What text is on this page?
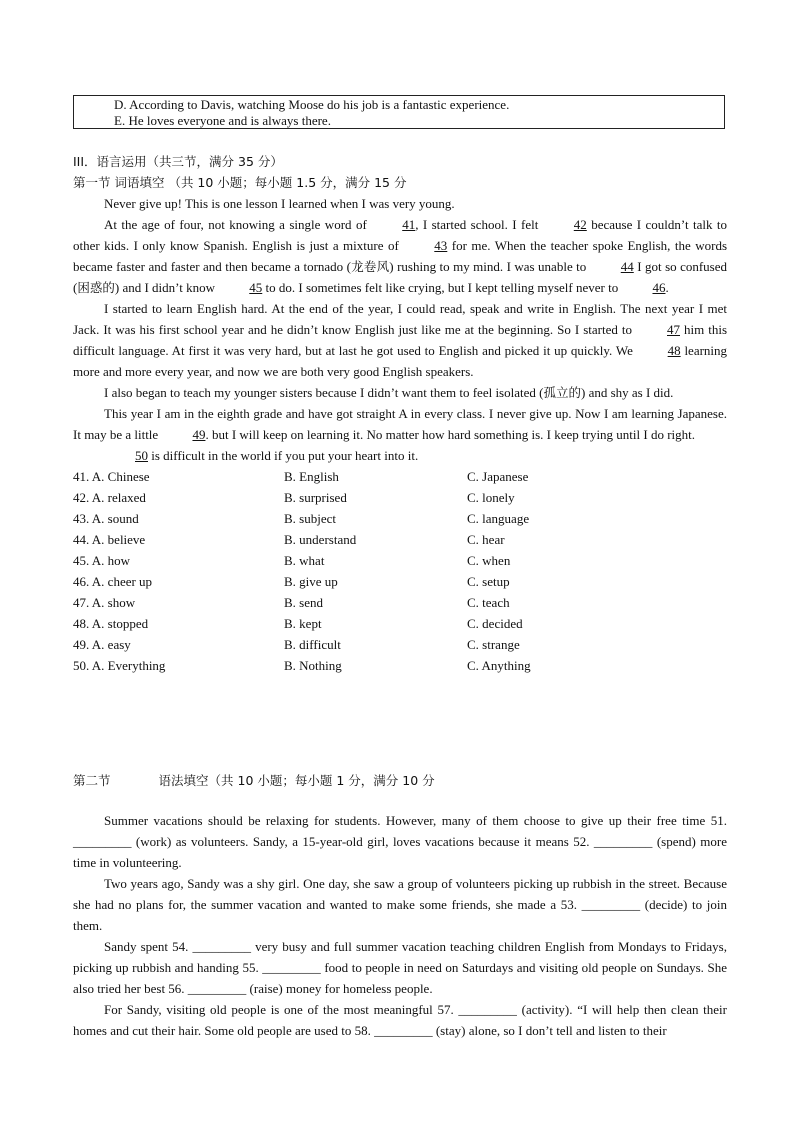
D. According to Davis, watching Moose do his job is a fantastic experience.
E. He loves everyone and is always there.
III．语言运用（共三节，满分 35 分）
第一节 词语填空 （共 10 小题；每小题 1.5 分，满分 15 分

Never give up! This is one lesson I learned when I was very young.

At the age of four, not knowing a single word of	41, I started school. I felt	42 because I couldn’t talk to other kids. I only know Spanish. English is just a mixture of	43 for me. When the teacher spoke English, the words became faster and faster and then became a tornado (龙卷风) rushing to my mind. I was unable to	44 I got so confused (困惑的) and I didn’t know	45 to do. I sometimes felt like crying, but I kept telling myself never to	46.

I started to learn English hard. At the end of the year, I could read, speak and write in English. The next year I met Jack. It was his first school year and he didn’t know English just like me at the beginning. So I started to	47 him this difficult language. At first it was very hard, but at last he got used to English and picked it up quickly. We	48 learning more and more every year, and now we are both very good English speakers.

I also began to teach my younger sisters because I didn’t want them to feel isolated (孤立的) and shy as I did.

This year I am in the eighth grade and have got straight A in every class. I never give up. Now I am learning Japanese. It may be a little	49. but I will keep on learning it. No matter how hard something is. I keep trying until I do right.

50 is difficult in the world if you put your heart into it.

41. A. Chinese	B. English	C. Japanese
42. A. relaxed	B. surprised	C. lonely
43. A. sound	B. subject	C. language
44. A. believe	B. understand	C. hear
45. A. how	B. what	C. when
46. A. cheer up	B. give up	C. setup
47. A. show	B. send	C. teach
48. A. stopped	B. kept	C. decided
49. A. easy	B. difficult	C. strange
50. A. Everything	B. Nothing	C. Anything
第二节	语法填空（共 10 小题；每小题 1 分，满分 10 分

Summer vacations should be relaxing for students. However, many of them choose to give up their free time 51. _________ (work) as volunteers. Sandy, a 15-year-old girl, loves vacations because it means 52. _________ (spend) more time in volunteering.

Two years ago, Sandy was a shy girl. One day, she saw a group of volunteers picking up rubbish in the street. Because she had no plans for, the summer vacation and wanted to make some friends, she made a 53. _________ (decide) to join them.

Sandy spent 54. _________ very busy and full summer vacation teaching children English from Mondays to Fridays, picking up rubbish and handing 55. _________ food to people in need on Saturdays and visiting old people on Sundays. She also tried her best 56. _________ (raise) money for homeless people.

For Sandy, visiting old people is one of the most meaningful 57. _________ (activity). “I will help then clean their homes and cut their hair. Some old people are used to 58. _________ (stay) alone, so I don’t tell and listen to their
